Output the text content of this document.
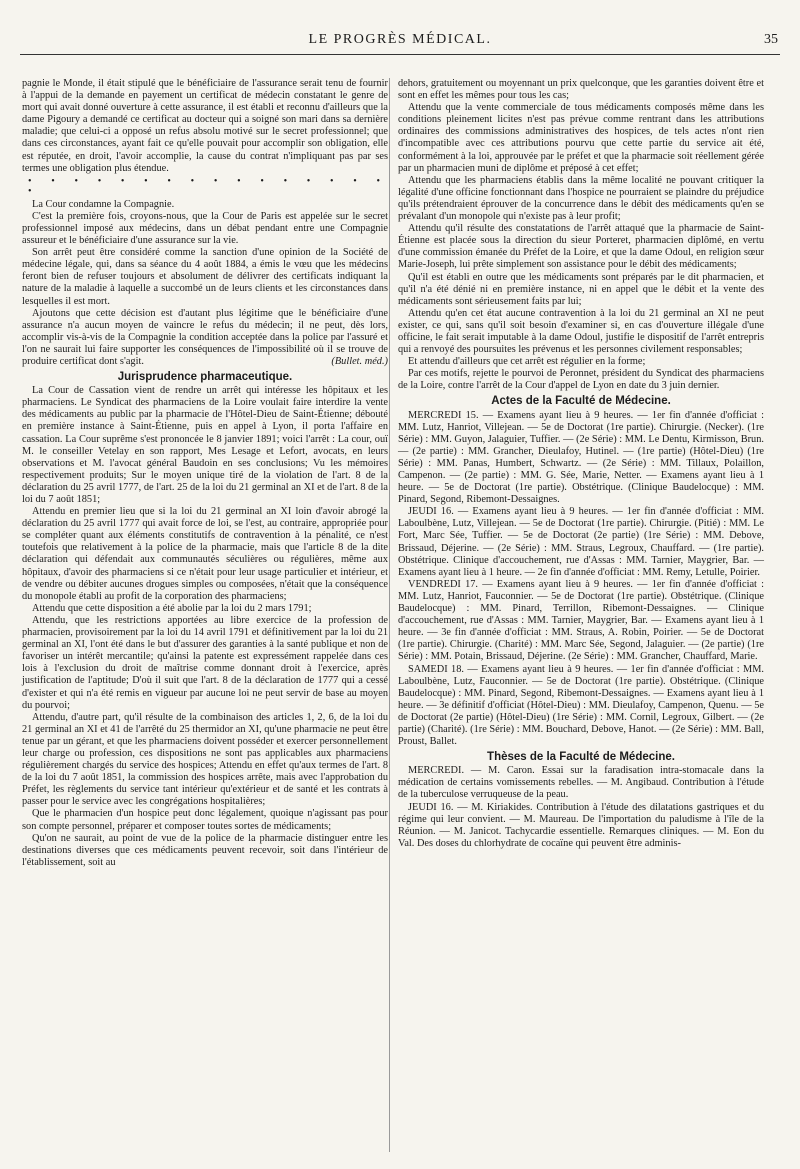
LE PROGRÈS MÉDICAL.	35

pagnie le Monde, il était stipulé que le bénéficiaire de l'assurance serait tenu de fournir à l'appui de la demande en payement un certificat de médecin constatant le genre de mort qui avait donné ouverture à cette assurance, il est établi et reconnu d'ailleurs que la dame Pigoury a demandé ce certificat au docteur qui a soigné son mari dans sa dernière maladie; que celui-ci a opposé un refus absolu motivé sur le secret professionnel; que dans ces circonstances, ayant fait ce qu'elle pouvait pour accomplir son obligation, elle est réputée, en droit, l'avoir accomplie, la cause du contrat n'impliquant pas par ses termes une obligation plus étendue.

• • • • • • • • • • • • • • • • •

La Cour condamne la Compagnie.

C'est la première fois, croyons-nous, que la Cour de Paris est appelée sur le secret professionnel imposé aux médecins, dans un débat pendant entre une Compagnie assureur et le bénéficiaire d'une assurance sur la vie.

Son arrêt peut être considéré comme la sanction d'une opinion de la Société de médecine légale, qui, dans sa séance du 4 août 1884, a émis le vœu que les médecins feront bien de refuser toujours et absolument de délivrer des certificats indiquant la nature de la maladie à laquelle a succombé un de leurs clients et les circonstances dans lesquelles il est mort.

Ajoutons que cette décision est d'autant plus légitime que le bénéficiaire d'une assurance n'a aucun moyen de vaincre le refus du médecin; il ne peut, dès lors, accomplir vis-à-vis de la Compagnie la condition acceptée dans la police par l'assuré et l'on ne saurait lui faire supporter les conséquences de l'impossibilité où il se trouve de produire certificat dont s'agit.	(Bullet. méd.)

Jurisprudence pharmaceutique.

La Cour de Cassation vient de rendre un arrêt qui intéresse les hôpitaux et les pharmaciens. Le Syndicat des pharmaciens de la Loire voulait faire interdire la vente des médicaments au public par la pharmacie de l'Hôtel-Dieu de Saint-Étienne; débouté en première instance à Saint-Étienne, puis en appel à Lyon, il porta l'affaire en cassation. La Cour suprême s'est prononcée le 8 janvier 1891; voici l'arrêt : La cour, ouï M. le conseiller Vetelay en son rapport, Mes Lesage et Lefort, avocats, en leurs observations et M. l'avocat général Baudoin en ses conclusions; Vu les mémoires respectivement produits; Sur le moyen unique tiré de la violation de l'art. 8 de la déclaration du 25 avril 1777, de l'art. 25 de la loi du 21 germinal an XI et de l'art. 8 de la loi du 7 août 1851;

Attendu en premier lieu que si la loi du 21 germinal an XI loin d'avoir abrogé la déclaration du 25 avril 1777 qui avait force de loi, se l'est, au contraire, appropriée pour se compléter quant aux éléments constitutifs de contravention à la pénalité, ce n'est toutefois que relativement à la police de la pharmacie, mais que l'article 8 de la dite déclaration qui défendait aux communautés séculières ou régulières, même aux hôpitaux, d'avoir des pharmaciens si ce n'était pour leur usage particulier et intérieur, et de vendre ou débiter aucunes drogues simples ou composées, n'était que la conséquence du monopole établi au profit de la corporation des pharmaciens;

Attendu que cette disposition a été abolie par la loi du 2 mars 1791;

Attendu, que les restrictions apportées au libre exercice de la profession de pharmacien, provisoirement par la loi du 14 avril 1791 et définitivement par la loi du 21 germinal an XI, l'ont été dans le but d'assurer des garanties à la santé publique et non de favoriser un intérêt mercantile; qu'ainsi la patente est expressément rappelée dans ces lois à l'exclusion du droit de maîtrise comme donnant droit à l'exercice, après justification de l'aptitude; D'où il suit que l'art. 8 de la déclaration de 1777 qui a cessé d'exister et qui n'a été remis en vigueur par aucune loi ne peut servir de base au moyen du pourvoi;

Attendu, d'autre part, qu'il résulte de la combinaison des articles 1, 2, 6, de la loi du 21 germinal an XI et 41 de l'arrêté du 25 thermidor an XI, qu'une pharmacie ne peut être tenue par un gérant, et que les pharmaciens doivent posséder et exercer personnellement leur charge ou profession, ces dispositions ne sont pas applicables aux pharmaciens régulièrement chargés du service des hospices; Attendu en effet qu'aux termes de l'art. 8 de la loi du 7 août 1851, la commission des hospices arrête, mais avec l'approbation du Préfet, les règlements du service tant intérieur qu'extérieur et de santé et les contrats à passer pour le service avec les congrégations hospitalières;

Que le pharmacien d'un hospice peut donc légalement, quoique n'agissant pas pour son compte personnel, préparer et composer toutes sortes de médicaments;

Qu'on ne saurait, au point de vue de la police de la pharmacie distinguer entre les destinations diverses que ces médicaments peuvent recevoir, soit dans l'intérieur de l'établissement, soit au

dehors, gratuitement ou moyennant un prix quelconque, que les garanties doivent être et sont en effet les mêmes pour tous les cas;

Attendu que la vente commerciale de tous médicaments composés même dans les conditions pleinement licites n'est pas prévue comme rentrant dans les attributions ordinaires des commissions administratives des hospices, de tels actes n'ont rien d'incompatible avec ces attributions pourvu que cette partie du service ait été, conformément à la loi, approuvée par le préfet et que la pharmacie soit réellement gérée par un pharmacien muni de diplôme et préposé à cet effet;

Attendu que les pharmaciens établis dans la même localité ne pouvant critiquer la légalité d'une officine fonctionnant dans l'hospice ne pourraient se plaindre du préjudice qu'ils prétendraient éprouver de la concurrence dans le débit des médicaments qu'en se prévalant d'un monopole qui n'existe pas à leur profit;

Attendu qu'il résulte des constatations de l'arrêt attaqué que la pharmacie de Saint-Étienne est placée sous la direction du sieur Porteret, pharmacien diplômé, en vertu d'une commission émanée du Préfet de la Loire, et que la dame Odoul, en religion sœur Marie-Joseph, lui prête simplement son assistance pour le débit des médicaments;

Qu'il est établi en outre que les médicaments sont préparés par le dit pharmacien, et qu'il n'a été dénié ni en première instance, ni en appel que le débit et la vente des médicaments sont sérieusement faits par lui;

Attendu qu'en cet état aucune contravention à la loi du 21 germinal an XI ne peut exister, ce qui, sans qu'il soit besoin d'examiner si, en cas d'ouverture illégale d'une officine, le fait serait imputable à la dame Odoul, justifie le dispositif de l'arrêt entrepris qui a renvoyé des poursuites les prévenus et les personnes civilement responsables;

Et attendu d'ailleurs que cet arrêt est régulier en la forme;

Par ces motifs, rejette le pourvoi de Peronnet, président du Syndicat des pharmaciens de la Loire, contre l'arrêt de la Cour d'appel de Lyon en date du 3 juin dernier.

Actes de la Faculté de Médecine.

MERCREDI 15. — Examens ayant lieu à 9 heures. — 1er fin d'année d'officiat : MM. Lutz, Hanriot, Villejean. — 5e de Doctorat (1re partie). Chirurgie. (Necker). (1re Série) : MM. Guyon, Jalaguier, Tuffier. — (2e Série) : MM. Le Dentu, Kirmisson, Brun. — (2e partie) : MM. Grancher, Dieulafoy, Hutinel. — (1re partie) (Hôtel-Dieu) (1re Série) : MM. Panas, Humbert, Schwartz. — (2e Série) : MM. Tillaux, Polaillon, Campenon. — (2e partie) : MM. G. Sée, Marie, Netter. — Examens ayant lieu à 1 heure. — 5e de Doctorat (1re partie). Obstétrique. (Clinique Baudelocque) : MM. Pinard, Segond, Ribemont-Dessaignes.

JEUDI 16. — Examens ayant lieu à 9 heures. — 1er fin d'année d'officiat : MM. Laboulbène, Lutz, Villejean. — 5e de Doctorat (1re partie). Chirurgie. (Pitié) : MM. Le Fort, Marc Sée, Tuffier. — 5e de Doctorat (2e partie) (1re Série) : MM. Debove, Brissaud, Déjerine. — (2e Série) : MM. Straus, Legroux, Chauffard. — (1re partie). Obstétrique. Clinique d'accouchement, rue d'Assas : MM. Tarnier, Maygrier, Bar. — Examens ayant lieu à 1 heure. — 2e fin d'année d'officiat : MM. Remy, Letulle, Poirier.

VENDREDI 17. — Examens ayant lieu à 9 heures. — 1er fin d'année d'officiat : MM. Lutz, Hanriot, Fauconnier. — 5e de Doctorat (1re partie). Obstétrique. (Clinique Baudelocque) : MM. Pinard, Terrillon, Ribemont-Dessaignes. — Clinique d'accouchement, rue d'Assas : MM. Tarnier, Maygrier, Bar. — Examens ayant lieu à 1 heure. — 3e fin d'année d'officiat : MM. Straus, A. Robin, Poirier. — 5e de Doctorat (1re partie). Chirurgie. (Charité) : MM. Marc Sée, Segond, Jalaguier. — (2e partie) (1re Série) : MM. Potain, Brissaud, Déjerine. (2e Série) : MM. Grancher, Chauffard, Marie.

SAMEDI 18. — Examens ayant lieu à 9 heures. — 1er fin d'année d'officiat : MM. Laboulbène, Lutz, Fauconnier. — 5e de Doctorat (1re partie). Obstétrique. (Clinique Baudelocque) : MM. Pinard, Segond, Ribemont-Dessaignes. — Examens ayant lieu à 1 heure. — 3e définitif d'officiat (Hôtel-Dieu) : MM. Dieulafoy, Campenon, Quenu. — 5e de Doctorat (2e partie) (Hôtel-Dieu) (1re Série) : MM. Cornil, Legroux, Gilbert. — (2e partie) (Charité). (1re Série) : MM. Bouchard, Debove, Hanot. — (2e Série) : MM. Ball, Proust, Ballet.

Thèses de la Faculté de Médecine.

MERCREDI. — M. Caron. Essai sur la faradisation intra-stomacale dans la médication de certains vomissements rebelles. — M. Angibaud. Contribution à l'étude de la tuberculose verruqueuse de la peau.

JEUDI 16. — M. Kiriakides. Contribution à l'étude des dilatations gastriques et du régime qui leur convient. — M. Maureau. De l'importation du paludisme à l'île de la Réunion. — M. Janicot. Tachycardie essentielle. Remarques cliniques. — M. Eon du Val. Des doses du chlorhydrate de cocaïne qui peuvent être adminis-
